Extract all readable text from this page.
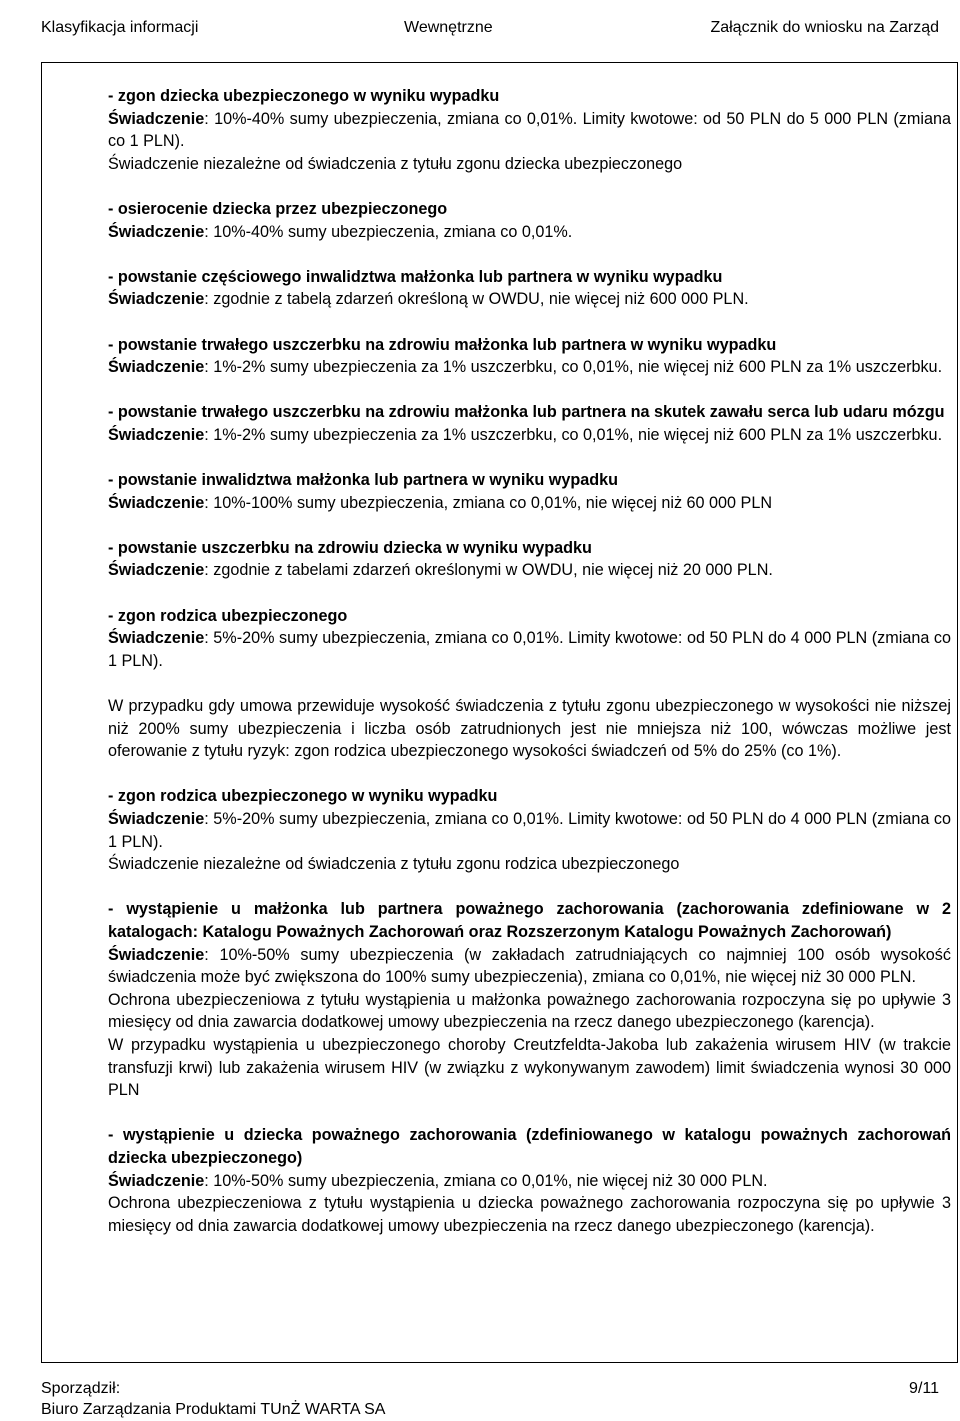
Klasyfikacja informacji	Wewnętrzne	Załącznik do wniosku na Zarząd

- zgon dziecka ubezpieczonego w wyniku wypadku
Świadczenie: 10%-40% sumy ubezpieczenia, zmiana co 0,01%. Limity kwotowe: od 50 PLN do 5 000 PLN (zmiana co 1 PLN).
Świadczenie niezależne od świadczenia z tytułu zgonu dziecka ubezpieczonego

- osierocenie dziecka przez ubezpieczonego
Świadczenie: 10%-40% sumy ubezpieczenia, zmiana co 0,01%.

- powstanie częściowego inwalidztwa małżonka lub partnera w wyniku wypadku
Świadczenie: zgodnie z tabelą zdarzeń określoną w OWDU, nie więcej niż 600 000 PLN.

- powstanie trwałego uszczerbku na zdrowiu małżonka lub partnera w wyniku wypadku
Świadczenie: 1%-2% sumy ubezpieczenia za 1% uszczerbku, co 0,01%, nie więcej niż 600 PLN za 1% uszczerbku.

- powstanie trwałego uszczerbku na zdrowiu małżonka lub partnera na skutek zawału serca lub udaru mózgu
Świadczenie: 1%-2% sumy ubezpieczenia za 1% uszczerbku, co 0,01%, nie więcej niż 600 PLN za 1% uszczerbku.

- powstanie inwalidztwa małżonka lub partnera w wyniku wypadku
Świadczenie: 10%-100% sumy ubezpieczenia, zmiana co 0,01%, nie więcej niż 60 000 PLN

- powstanie uszczerbku na zdrowiu dziecka w wyniku wypadku
Świadczenie: zgodnie z tabelami zdarzeń określonymi w OWDU, nie więcej niż 20 000 PLN.

- zgon rodzica ubezpieczonego
Świadczenie: 5%-20% sumy ubezpieczenia, zmiana co 0,01%. Limity kwotowe: od 50 PLN do 4 000 PLN (zmiana co 1 PLN).

W przypadku gdy umowa przewiduje wysokość świadczenia z tytułu zgonu ubezpieczonego w wysokości nie niższej niż 200% sumy ubezpieczenia i liczba osób zatrudnionych jest nie mniejsza niż 100, wówczas możliwe jest oferowanie z tytułu ryzyk: zgon rodzica ubezpieczonego wysokości świadczeń od 5% do 25% (co 1%).

- zgon rodzica ubezpieczonego w wyniku wypadku
Świadczenie: 5%-20% sumy ubezpieczenia, zmiana co 0,01%. Limity kwotowe: od 50 PLN do 4 000 PLN (zmiana co 1 PLN).
Świadczenie niezależne od świadczenia z tytułu zgonu rodzica ubezpieczonego

- wystąpienie u małżonka lub partnera poważnego zachorowania (zachorowania zdefiniowane w 2 katalogach: Katalogu Poważnych Zachorowań oraz Rozszerzonym Katalogu Poważnych Zachorowań)
Świadczenie: 10%-50% sumy ubezpieczenia (w zakładach zatrudniających co najmniej 100 osób wysokość świadczenia może być zwiększona do 100% sumy ubezpieczenia), zmiana co 0,01%, nie więcej niż 30 000 PLN.
Ochrona ubezpieczeniowa z tytułu wystąpienia u małżonka poważnego zachorowania rozpoczyna się po upływie 3 miesięcy od dnia zawarcia dodatkowej umowy ubezpieczenia na rzecz danego ubezpieczonego (karencja).
W przypadku wystąpienia u ubezpieczonego choroby Creutzfeldta-Jakoba lub zakażenia wirusem HIV (w trakcie transfuzji krwi) lub zakażenia wirusem HIV (w związku z wykonywanym zawodem) limit świadczenia wynosi 30 000 PLN

- wystąpienie u dziecka poważnego zachorowania (zdefiniowanego w katalogu poważnych zachorowań dziecka ubezpieczonego)
Świadczenie: 10%-50% sumy ubezpieczenia, zmiana co 0,01%, nie więcej niż 30 000 PLN.
Ochrona ubezpieczeniowa z tytułu wystąpienia u dziecka poważnego zachorowania rozpoczyna się po upływie 3 miesięcy od dnia zawarcia dodatkowej umowy ubezpieczenia na rzecz danego ubezpieczonego (karencja).

Sporządził:
Biuro Zarządzania Produktami TUnŻ WARTA SA
9/11
